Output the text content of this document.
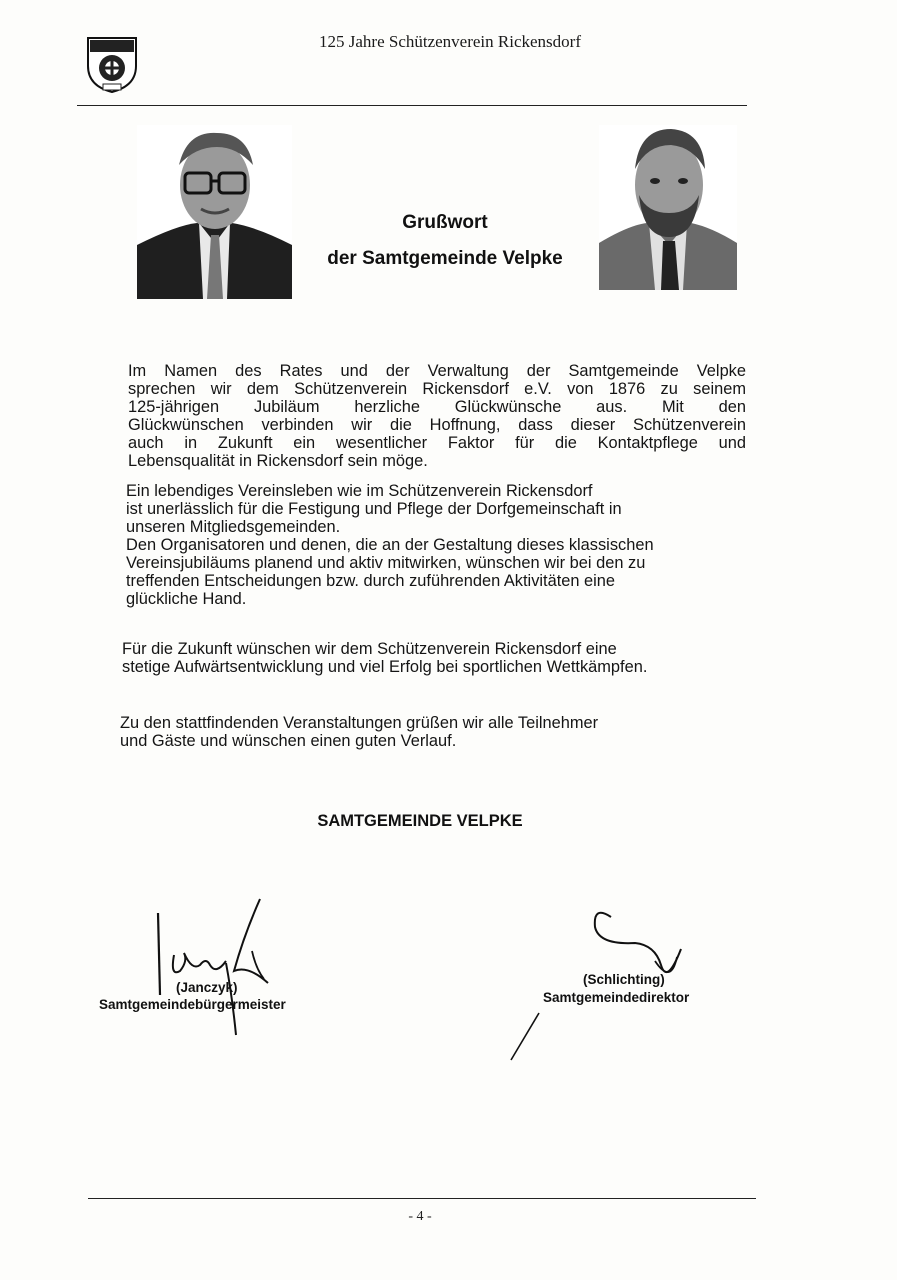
125 Jahre Schützenverein Rickensdorf
Grußwort
der Samtgemeinde Velpke
Im Namen des Rates und der Verwaltung der Samtgemeinde Velpke
sprechen wir dem Schützenverein Rickensdorf e.V. von 1876 zu seinem
125-jährigen Jubiläum herzliche Glückwünsche aus. Mit den
Glückwünschen verbinden wir die Hoffnung, dass dieser Schützenverein
auch in Zukunft ein wesentlicher Faktor für die Kontaktpflege und
Lebensqualität in Rickensdorf sein möge.
Ein lebendiges Vereinsleben wie im Schützenverein Rickensdorf
ist unerlässlich für die Festigung und Pflege der Dorfgemeinschaft in
unseren Mitgliedsgemeinden.
Den Organisatoren und denen, die an der Gestaltung dieses klassischen
Vereinsjubiläums planend und aktiv mitwirken, wünschen wir bei den zu
treffenden Entscheidungen bzw. durch zuführenden Aktivitäten eine
glückliche Hand.
Für die Zukunft wünschen wir dem Schützenverein Rickensdorf eine
stetige Aufwärtsentwicklung und viel Erfolg bei sportlichen Wettkämpfen.
Zu den stattfindenden Veranstaltungen grüßen wir alle Teilnehmer
und Gäste und wünschen einen guten Verlauf.
SAMTGEMEINDE VELPKE
(Janczyk)
Samtgemeindebürgermeister
(Schlichting)
Samtgemeindedirektor
- 4 -
